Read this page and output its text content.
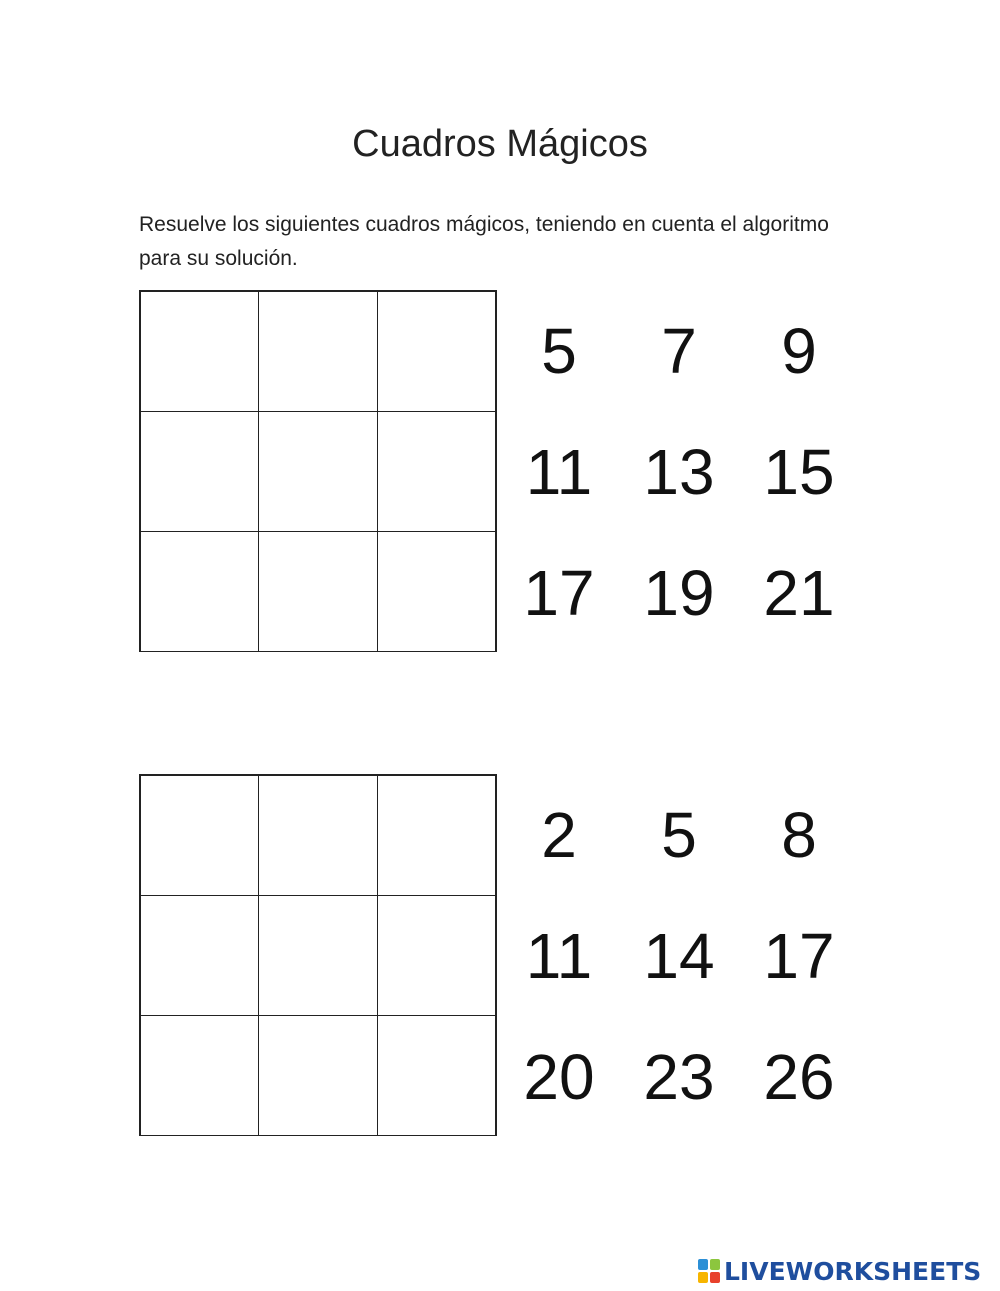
Cuadros Mágicos

Resuelve los siguientes cuadros mágicos, teniendo en cuenta el algoritmo para su solución.

5	7	9
11 13 15
17 19 21
2	5	8
11 14 17
20 23 26
LIVEWORKSHEETS
